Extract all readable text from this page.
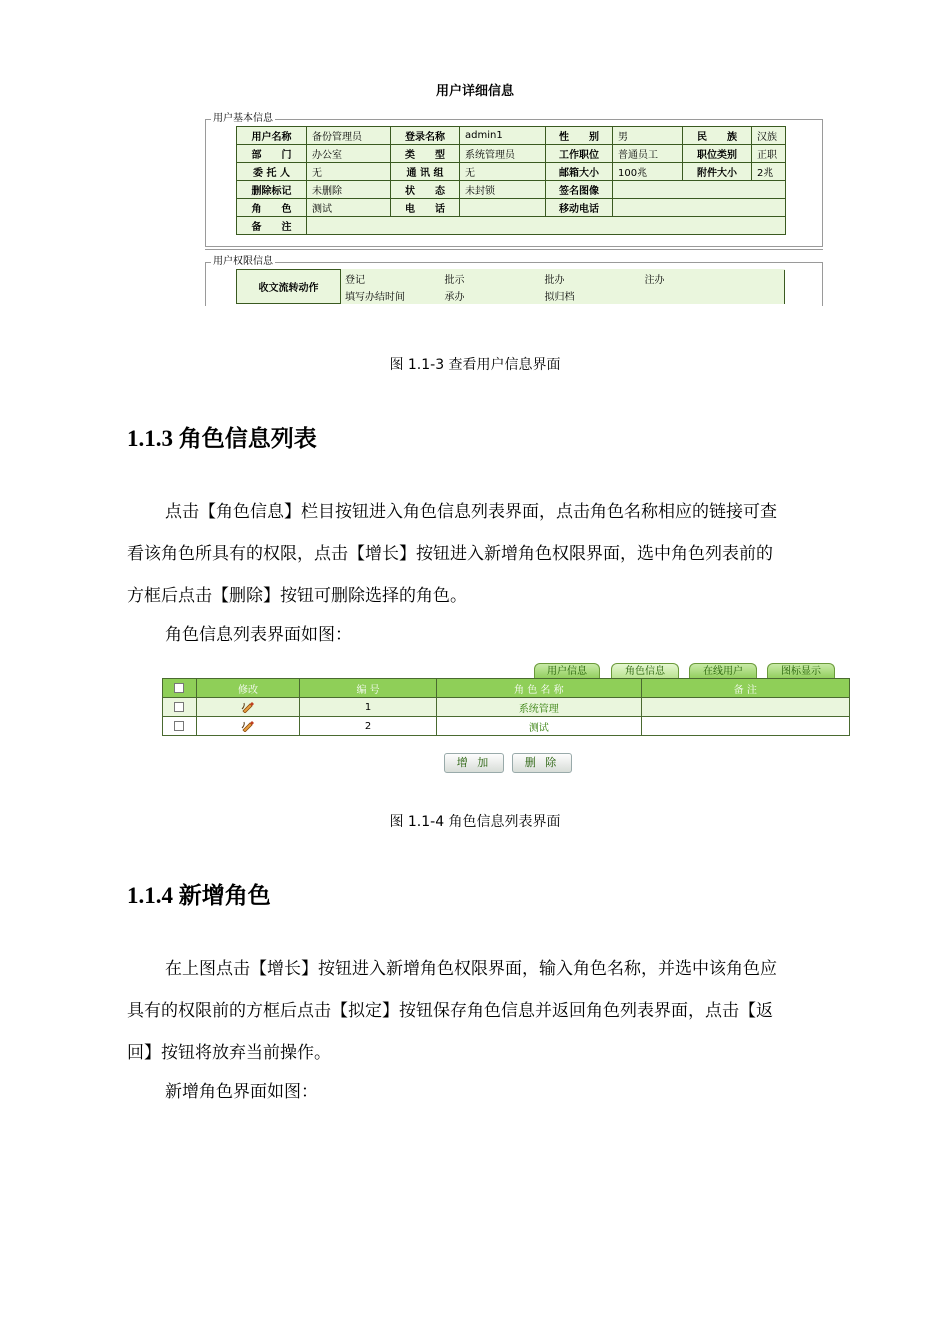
用户详细信息
用户基本信息
用户名称	备份管理员	登录名称	admin1	性　　别	男	民　　族	汉族
部　　门	办公室	类　　型	系统管理员	工作职位	普通员工	职位类别	正职
委 托 人	无	通 讯 组	无	邮箱大小	100兆	附件大小	2兆
删除标记	未删除	状　　态	未封锁	签名图像			
角　　色	测试	电　　话		移动电话			
备　　注							
用户权限信息
收文流转动作	登记	批示	批办	注办
	填写办结时间	承办	拟归档	
图 1.1-3 查看用户信息界面
1.1.3 角色信息列表
点击【角色信息】栏目按钮进入角色信息列表界面，点击角色名称相应的链接可查
看该角色所具有的权限，点击【增长】按钮进入新增角色权限界面，选中角色列表前的
方框后点击【删除】按钮可删除选择的角色。
角色信息列表界面如图：
用户信息	角色信息	在线用户	图标显示
	修改	编 号	角 色 名 称	备 注
		1	系统管理	
		2	测试	
增 加	删 除
图 1.1-4 角色信息列表界面
1.1.4 新增角色
在上图点击【增长】按钮进入新增角色权限界面，输入角色名称，并选中该角色应
具有的权限前的方框后点击【拟定】按钮保存角色信息并返回角色列表界面，点击【返
回】按钮将放弃当前操作。
新增角色界面如图：
